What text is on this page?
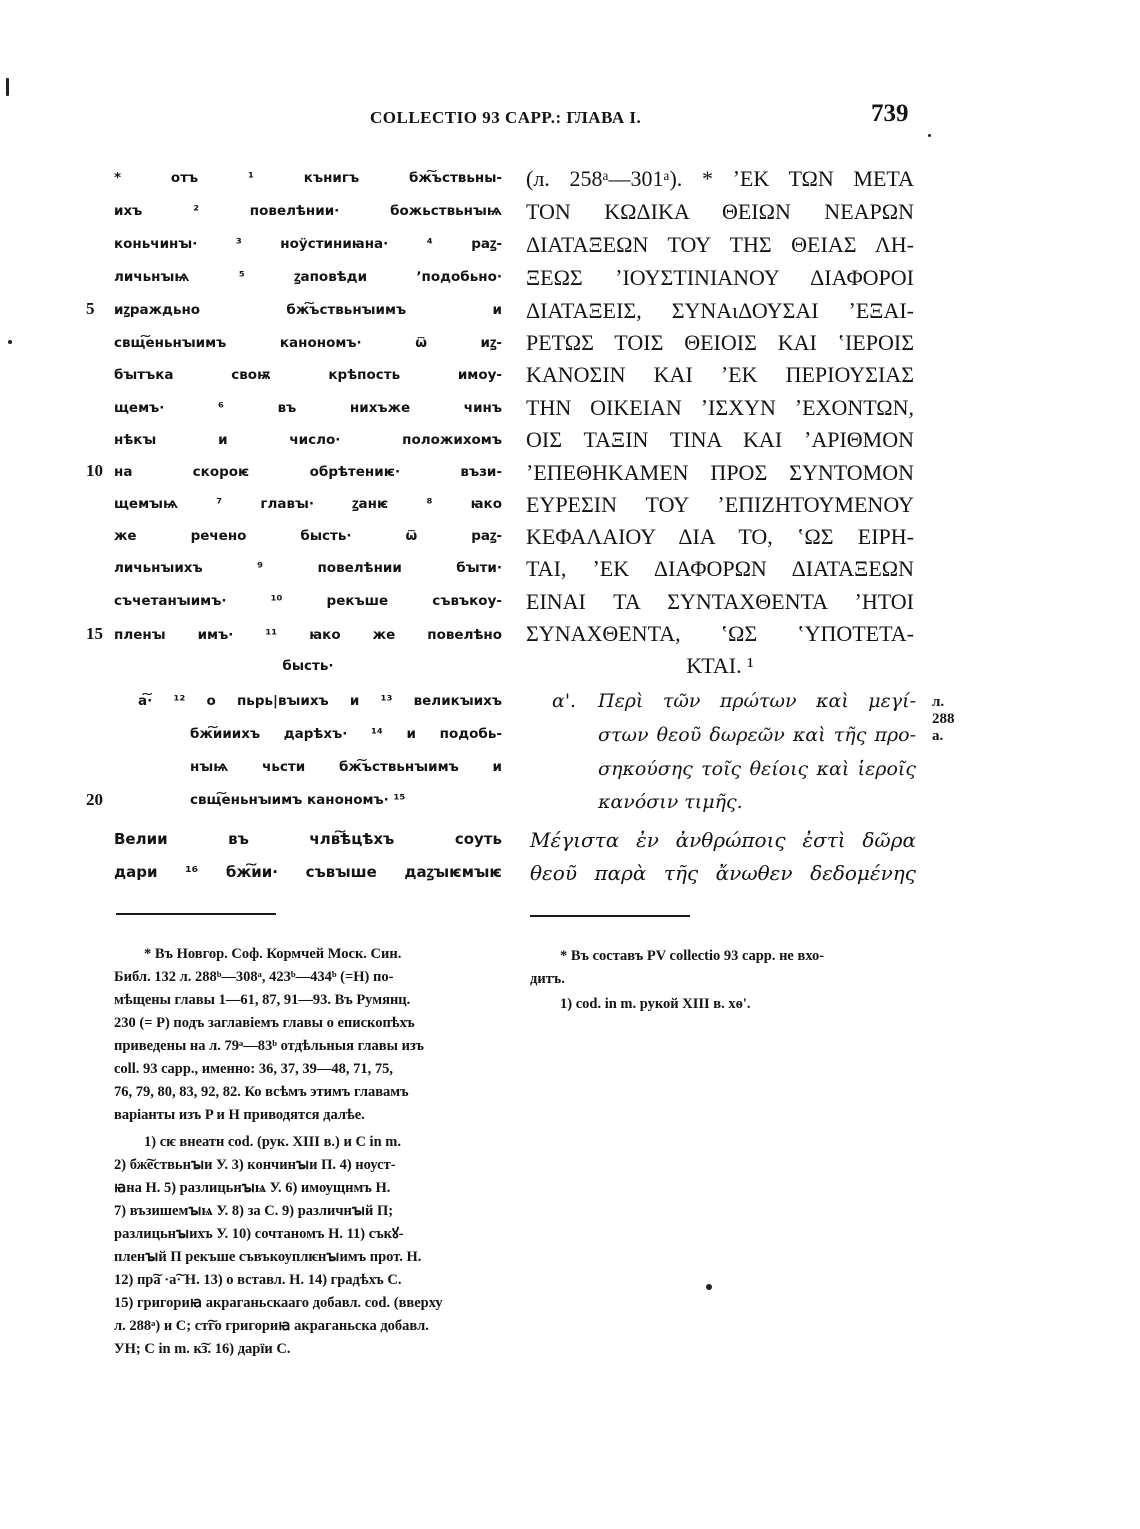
COLLECTIO 93 CAPP.: ГЛАВА I.	739
5
10
15
20
* отъ ¹ кънигъ бж͠ъствьны-
ихъ ² повелѣнии· божьствьнꙑѩ
коньчинꙑ· ³ ноӱстиниꙗна· ⁴ раꙁ-
личьнꙑѩ ⁵ ꙁаповѣди ʼподобьно·
иꙁраждьно бж͠ъствьнꙑимъ и
свщ͠еньнꙑимъ канономъ· ѿ иꙁ-
бꙑтъка своѭ крѣпость имоу-
щемъ· ⁶ въ нихъже чинъ
нѣкꙑ и число· положихомъ
на скороѥ обрѣтениѥ· възи-
щемꙑѩ ⁷ главꙑ· ꙁанѥ ⁸ ꙗко
же речено бысть· ѿ раꙁ-
личьнꙑихъ ⁹ повелѣнии бꙑти·
съчетанꙑимъ· ¹⁰ рекъше съвъкоу-
пленꙑ имъ· ¹¹ ꙗко же повелѣно
бысть·
а͠· ¹² о пьрь|вꙑихъ и ¹³ великꙑихъ
бж͠ииихъ дарѣхъ· ¹⁴ и подобь-
нꙑѩ чьсти бж͠ъствьнꙑимъ и
свщ͠еньнꙑимъ канономъ· ¹⁵
Велии въ члв͠ѣцѣхъ соуть
дари ¹⁶ бж͠ии· съвꙑше даꙁꙑѥмꙑѥ
(л. 258ᵃ—301ᵃ). * ʼΕΚ ΤΩΝ ΜΕΤΑ
ΤΟΝ ΚΩΔΙΚΑ ΘΕΙΩΝ ΝΕΑΡΩΝ
ΔΙΑΤΑΞΕΩΝ ΤΟΥ ΤΗΣ ΘΕΙΑΣ ΛΗ-
ΞΕΩΣ ʼΙΟΥΣΤΙΝΙΑΝΟΥ ΔΙΑΦΟΡΟΙ
ΔΙΑΤΑΞΕΙΣ, ΣΥΝΑιΔΟΥΣΑΙ ʼΕΞΑΙ-
ΡΕΤΩΣ ΤΟΙΣ ΘΕΙΟΙΣ ΚΑΙ ʽΙΕΡΟΙΣ
ΚΑΝΟΣΙΝ ΚΑΙ ʼΕΚ ΠΕΡΙΟΥΣΙΑΣ
ΤΗΝ ΟΙΚΕΙΑΝ ʼΙΣΧΥΝ ʼΕΧΟΝΤΩΝ,
ΟΙΣ ΤΑΞΙΝ ΤΙΝΑ ΚΑΙ ʼΑΡΙΘΜΟΝ
ʼΕΠΕΘΗΚΑΜΕΝ ΠΡΟΣ ΣΥΝΤΟΜΟΝ
ΕΥΡΕΣΙΝ ΤΟΥ ʼΕΠΙΖΗΤΟΥΜΕΝΟΥ
ΚΕΦΑΛΑΙΟΥ ΔΙΑ ΤΟ, ʽΩΣ ΕΙΡΗ-
ΤΑΙ, ʼΕΚ ΔΙΑΦΟΡΩΝ ΔΙΑΤΑΞΕΩΝ
ΕΙΝΑΙ ΤΑ ΣΥΝΤΑΧΘΕΝΤΑ ʼΗΤΟΙ
ΣΥΝΑΧΘΕΝΤΑ, ʽΩΣ ʽΥΠΟΤΕΤΑ-
ΚΤΑΙ. ¹
α'. Περὶ τῶν πρώτων καὶ μεγί-
στων θεοῦ δωρεῶν καὶ τῆς προ-
σηκούσης τοῖς θείοις καὶ ἱεροῖς
κανόσιν τιμῆς.
Μέγιστα ἐν ἀνθρώποις ἐστὶ δῶρα
θεοῦ παρὰ τῆς ἄνωθεν δεδομένης
л. 288 а.
* Въ Новгор. Соф. Кормчей Моск. Син.
Библ. 132 л. 288ᵇ—308ᵃ, 423ᵇ—434ᵇ (=H) по-
мѣщены главы 1—61, 87, 91—93. Въ Румянц.
230 (= P) подъ заглавіемъ главы о епископѣхъ
приведены на л. 79ᵃ—83ᵇ отдѣльныя главы изъ
coll. 93 capp., именно: 36, 37, 39—48, 71, 75,
76, 79, 80, 83, 92, 82. Ко всѣмъ этимъ главамъ
варіанты изъ P и H приводятся далѣе.
1) сѥ внеатн cod. (рук. XIII в.) и C in m.
2) бж͠ествьнꙑи У. 3) кончинꙑи П. 4) ноуст-
ꙗна H. 5) разлицьнꙑѩ У. 6) имоущнмъ H.
7) възишемꙑѩ У. 8) за C. 9) различнꙑй П;
разлицьнꙑихъ У. 10) сочтаномъ H. 11) съкꙋ-
пленꙑй П рекъше съвъкоуплѥнꙑимъ прот. H.
12) пр͠а ·а͠· H. 13) о вставл. H. 14) градѣхъ C.
15) григориꙗ акраганьскааго добавл. cod. (вверху
л. 288ᵃ) и C; ст͠го григориꙗ акраганьска добавл.
УН; C in m. к͠з. 16) дарїи C.
* Въ составъ PV collectio 93 capp. не вхо-
дитъ.
1) cod. in m. рукой XIII в. хѳ'.
